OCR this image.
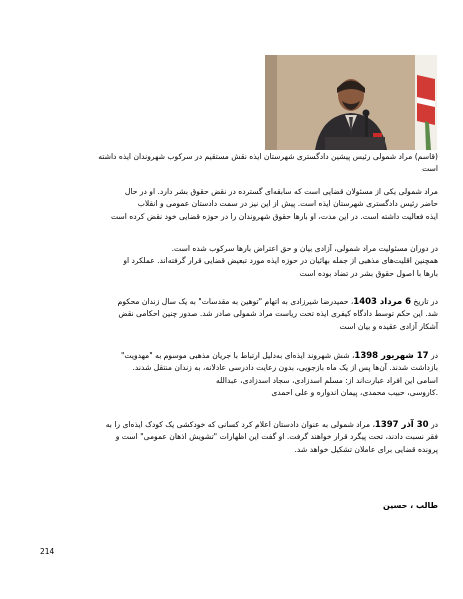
(قاسم) مراد شمولی رئیس پیشین دادگستری شهرستان ایذه نقش مستقیم در سرکوب شهروندان ایذه داشته
است
مراد شمولی یکی از مسئولان قضایی است که سابقه‌ای گسترده در نقض حقوق بشر دارد. او در حال
حاضر رئیس دادگستری شهرستان ایذه است. پیش از این نیز در سمت دادستان عمومی و انقلاب
ایذه فعالیت داشته است. در این مدت، او بارها حقوق شهروندان را در حوزه قضایی خود نقض کرده است
در دوران مسئولیت مراد شمولی، آزادی بیان و حق اعتراض بارها سرکوب شده است.
همچنین اقلیت‌های مذهبی از جمله بهائیان در حوزه ایذه مورد تبعیض قضایی قرار گرفته‌اند. عملکرد او
بارها با اصول حقوق بشر در تضاد بوده است
در تاریخ 6 مرداد 1403، حمیدرضا شیرزادی به اتهام "توهین به مقدسات" به یک سال زندان محکوم
شد. این حکم توسط دادگاه کیفری ایذه تحت ریاست مراد شمولی صادر شد. صدور چنین احکامی نقض
آشکار آزادی عقیده و بیان است
در 17 شهریور 1398، شش شهروند ایذه‌ای به‌دلیل ارتباط با جریان مذهبی موسوم به "مهدویت"
بازداشت شدند. آن‌ها پس از یک ماه بازجویی، بدون رعایت دادرسی عادلانه، به زندان منتقل شدند.
اسامی این افراد عبارت‌اند از: مسلم اسدزادی، سجاد اسدزادی، عبدالله
.کاروسی، حبیب محمدی، پیمان اندواره و علی احمدی
در 30 آذر 1397، مراد شمولی به عنوان دادستان اعلام کرد کسانی که خودکشی یک کودک ایذه‌ای را به
فقر نسبت دادند، تحت پیگرد قرار خواهند گرفت. او گفت این اظهارات "تشویش اذهان عمومی" است و
پرونده قضایی برای عاملان تشکیل خواهد شد.
طالب ، حسین
214
